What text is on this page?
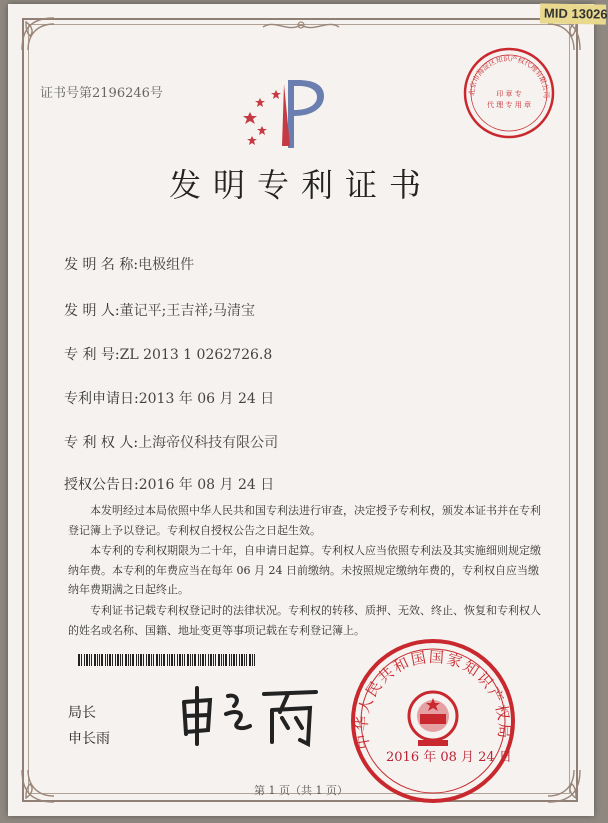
MID 13026
证书号第2196246号	北京市海淀区知识产权代理有限公司
印 章 专
代 理 专 用 章
发明专利证书
发 明 名 称:电极组件
发 明 人:董记平;王吉祥;马清宝
专 利 号:ZL 2013 1 0262726.8
专利申请日:2013 年 06 月 24 日
专 利 权 人:上海帝仪科技有限公司
授权公告日:2016 年 08 月 24 日

本发明经过本局依照中华人民共和国专利法进行审查，决定授予专利权，颁发本证书并在专利登记簿上予以登记。专利权自授权公告之日起生效。

本专利的专利权期限为二十年，自申请日起算。专利权人应当依照专利法及其实施细则规定缴纳年费。本专利的年费应当在每年 06 月 24 日前缴纳。未按照规定缴纳年费的，专利权自应当缴纳年费期满之日起终止。

专利证书记载专利权登记时的法律状况。专利权的转移、质押、无效、终止、恢复和专利权人的姓名或名称、国籍、地址变更等事项记载在专利登记簿上。

局长
申长雨	中华人民共和国国家知识产权局
2016 年 08 月 24 日
第 1 页（共 1 页）
